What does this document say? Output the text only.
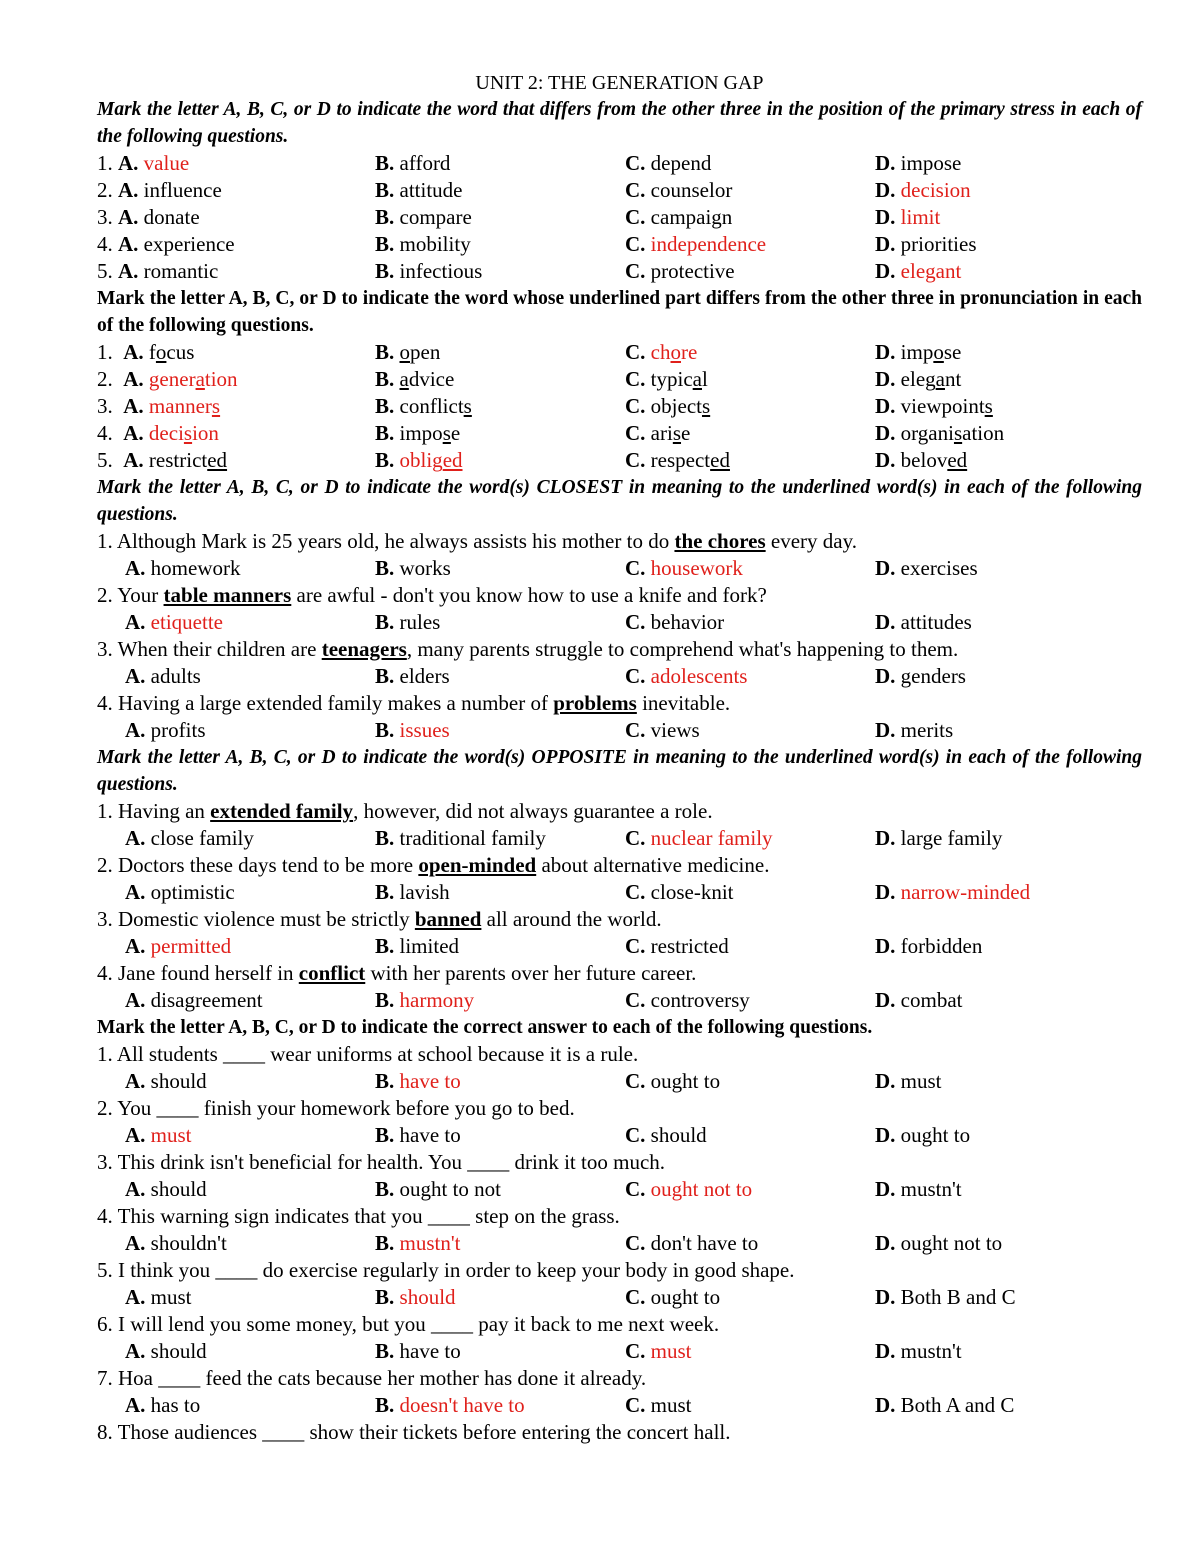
UNIT 2: THE GENERATION GAP
Mark the letter A, B, C, or D to indicate the word that differs from the other three in the position of the primary stress in each of the following questions.
1. A. value	B. afford	C. depend	D. impose
2. A. influence	B. attitude	C. counselor	D. decision
3. A. donate	B. compare	C. campaign	D. limit
4. A. experience	B. mobility	C. independence	D. priorities
5. A. romantic	B. infectious	C. protective	D. elegant
Mark the letter A, B, C, or D to indicate the word whose underlined part differs from the other three in pronunciation in each of the following questions.
1. A. focus	B. open	C. chore	D. impose
2. A. generation	B. advice	C. typical	D. elegant
3. A. manners	B. conflicts	C. objects	D. viewpoints
4. A. decision	B. impose	C. arise	D. organisation
5. A. restricted	B. obliged	C. respected	D. beloved
Mark the letter A, B, C, or D to indicate the word(s) CLOSEST in meaning to the underlined word(s) in each of the following questions.
1. Although Mark is 25 years old, he always assists his mother to do the chores every day.
A. homework	B. works	C. housework	D. exercises
2. Your table manners are awful - don't you know how to use a knife and fork?
A. etiquette	B. rules	C. behavior	D. attitudes
3. When their children are teenagers, many parents struggle to comprehend what's happening to them.
A. adults	B. elders	C. adolescents	D. genders
4. Having a large extended family makes a number of problems inevitable.
A. profits	B. issues	C. views	D. merits
Mark the letter A, B, C, or D to indicate the word(s) OPPOSITE in meaning to the underlined word(s) in each of the following questions.
1. Having an extended family, however, did not always guarantee a role.
A. close family	B. traditional family	C. nuclear family	D. large family
2. Doctors these days tend to be more open-minded about alternative medicine.
A. optimistic	B. lavish	C. close-knit	D. narrow-minded
3. Domestic violence must be strictly banned all around the world.
A. permitted	B. limited	C. restricted	D. forbidden
4. Jane found herself in conflict with her parents over her future career.
A. disagreement	B. harmony	C. controversy	D. combat
Mark the letter A, B, C, or D to indicate the correct answer to each of the following questions.
1. All students ____ wear uniforms at school because it is a rule.
A. should	B. have to	C. ought to	D. must
2. You ____ finish your homework before you go to bed.
A. must	B. have to	C. should	D. ought to
3. This drink isn't beneficial for health. You ____ drink it too much.
A. should	B. ought to not	C. ought not to	D. mustn't
4. This warning sign indicates that you ____ step on the grass.
A. shouldn't	B. mustn't	C. don't have to	D. ought not to
5. I think you ____ do exercise regularly in order to keep your body in good shape.
A. must	B. should	C. ought to	D. Both B and C
6. I will lend you some money, but you ____ pay it back to me next week.
A. should	B. have to	C. must	D. mustn't
7. Hoa ____ feed the cats because her mother has done it already.
A. has to	B. doesn't have to	C. must	D. Both A and C
8. Those audiences ____ show their tickets before entering the concert hall.
